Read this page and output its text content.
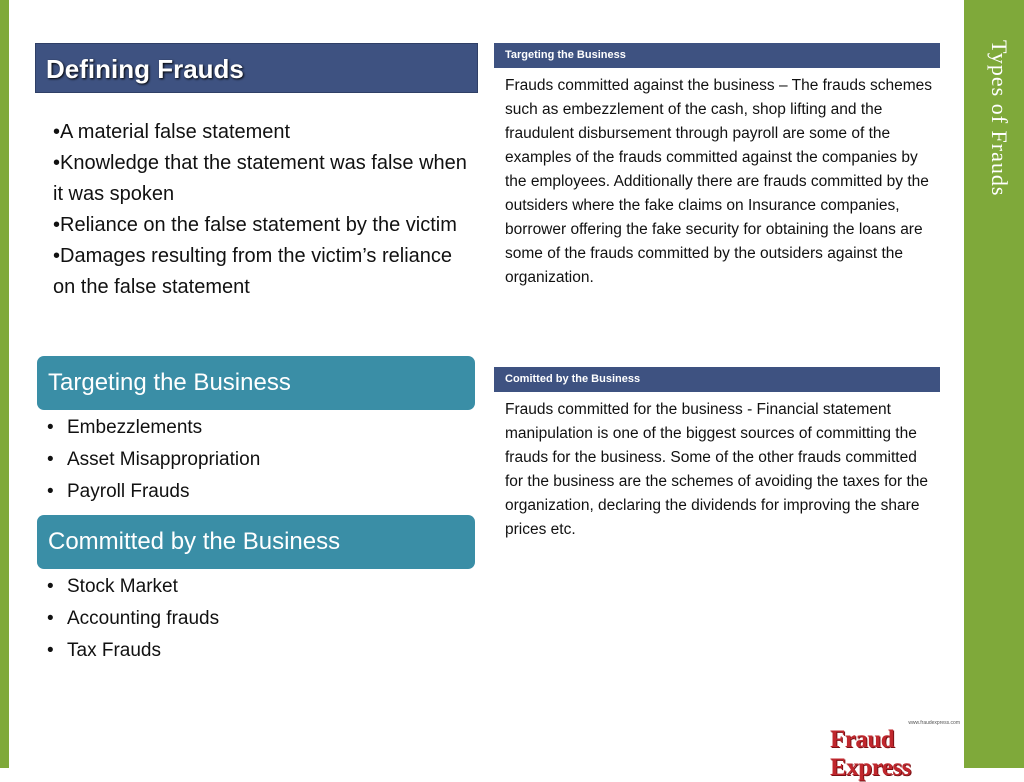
Types of Frauds
Defining Frauds
•A material false statement
•Knowledge that the statement was false when it was spoken
•Reliance on the false statement by the victim
•Damages resulting from the victim’s reliance on the false statement
Targeting the Business
• Embezzlements
• Asset Misappropriation
• Payroll Frauds
Committed by the Business
• Stock Market
• Accounting frauds
• Tax Frauds
Targeting the Business
Frauds committed against the business – The frauds schemes such as embezzlement of the cash, shop lifting and the fraudulent disbursement through payroll are some of the examples of the frauds committed against the companies by the employees. Additionally there are frauds committed by the outsiders where the fake claims on Insurance companies, borrower offering the fake security for obtaining the loans are some of the frauds committed by the outsiders against the organization.
Comitted by the Business
Frauds committed for the business - Financial statement manipulation is one of the biggest sources of committing the frauds for the business. Some of the other frauds committed for the business are the schemes of avoiding the taxes for the organization, declaring the dividends for improving the share prices etc.
www.fraudexpress.com
Fraud Express
